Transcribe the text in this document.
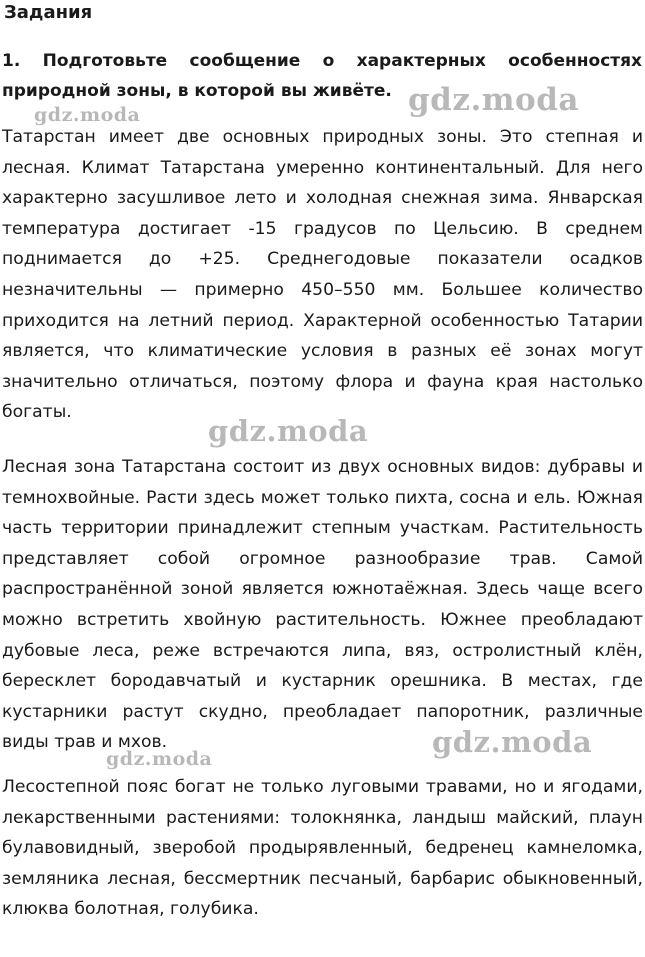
Задания

1. Подготовьте сообщение о характерных особенностях природной зоны, в которой вы живёте.

Татарстан имеет две основных природных зоны. Это степная и лесная. Климат Татарстана умеренно континентальный. Для него характерно засушливое лето и холодная снежная зима. Январская температура достигает -15 градусов по Цельсию. В среднем поднимается до +25. Среднегодовые показатели осадков незначительны — примерно 450–550 мм. Большее количество приходится на летний период. Характерной особенностью Татарии является, что климатические условия в разных её зонах могут значительно отличаться, поэтому флора и фауна края настолько богаты.

Лесная зона Татарстана состоит из двух основных видов: дубравы и темнохвойные. Расти здесь может только пихта, сосна и ель. Южная часть территории принадлежит степным участкам. Растительность представляет собой огромное разнообразие трав. Самой распространённой зоной является южнотаёжная. Здесь чаще всего можно встретить хвойную растительность. Южнее преобладают дубовые леса, реже встречаются липа, вяз, остролистный клён, бересклет бородавчатый и кустарник орешника. В местах, где кустарники растут скудно, преобладает папоротник, различные виды трав и мхов.

Лесостепной пояс богат не только луговыми травами, но и ягодами, лекарственными растениями: толокнянка, ландыш майский, плаун булавовидный, зверобой продырявленный, бедренец камнеломка, земляника лесная, бессмертник песчаный, барбарис обыкновенный, клюква болотная, голубика.

gdz.moda	gdz.moda
gdz.moda
gdz.moda
gdz.moda
